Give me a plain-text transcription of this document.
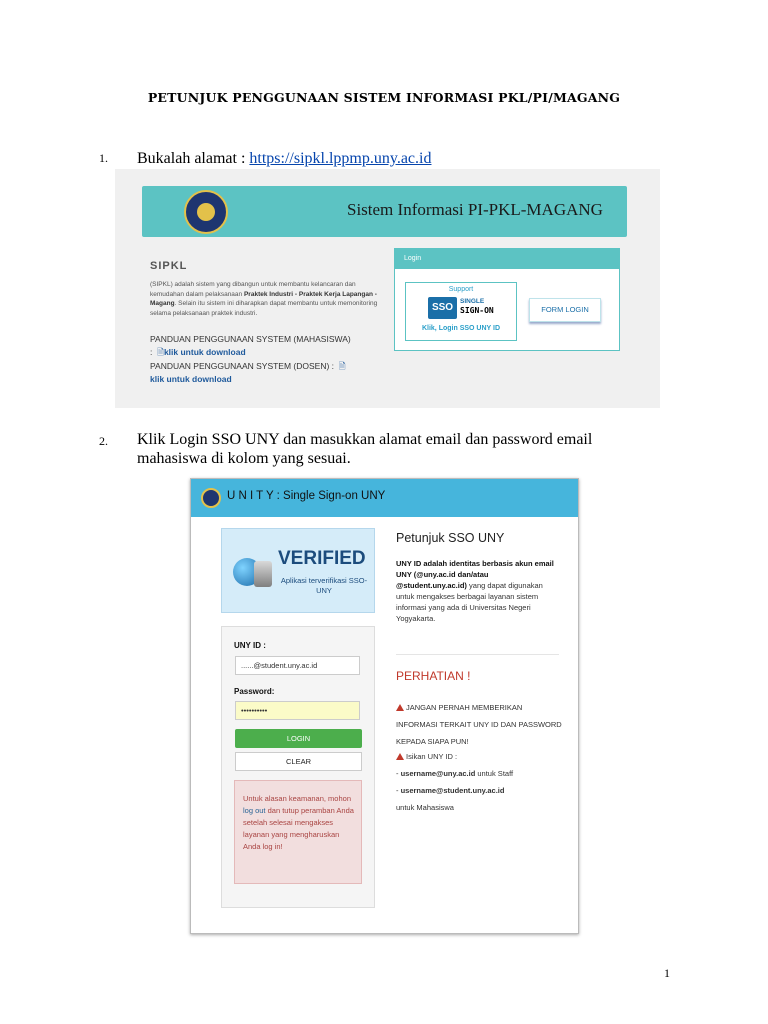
PETUNJUK PENGGUNAAN SISTEM INFORMASI PKL/PI/MAGANG
1. Bukalah alamat : https://sipkl.lppmp.uny.ac.id
Sistem Informasi PI-PKL-MAGANG
SIPKL
(SIPKL) adalah sistem yang dibangun untuk membantu kelancaran dan kemudahan dalam pelaksanaan Praktek Industri - Praktek Kerja Lapangan - Magang. Selain itu sistem ini diharapkan dapat membantu untuk memonitoring selama pelaksanaan praktek industri.
PANDUAN PENGGUNAAN SYSTEM (MAHASISWA)
: 🗎klik untuk download
PANDUAN PENGGUNAAN SYSTEM (DOSEN) : 🗎
klik untuk download
Login
Support
SSO
SINGLE
SIGN-ON
Klik, Login SSO UNY ID
FORM LOGIN
2. Klik Login SSO UNY dan masukkan alamat email dan password email
mahasiswa di kolom yang sesuai.
U N I T Y : Single Sign-on UNY
VERIFIED
Aplikasi terverifikasi SSO-UNY
UNY ID :
......@student.uny.ac.id
Password:
••••••••••
LOGIN
CLEAR
Untuk alasan keamanan, mohon log out dan tutup peramban Anda setelah selesai mengakses layanan yang mengharuskan Anda log in!
Petunjuk SSO UNY
UNY ID adalah identitas berbasis akun email UNY (@uny.ac.id dan/atau @student.uny.ac.id) yang dapat digunakan untuk mengakses berbagai layanan sistem informasi yang ada di Universitas Negeri Yogyakarta.
PERHATIAN !
JANGAN PERNAH MEMBERIKAN INFORMASI TERKAIT UNY ID DAN PASSWORD KEPADA SIAPA PUN!
Isikan UNY ID :
- username@uny.ac.id untuk Staff
- username@student.uny.ac.id
untuk Mahasiswa
1
